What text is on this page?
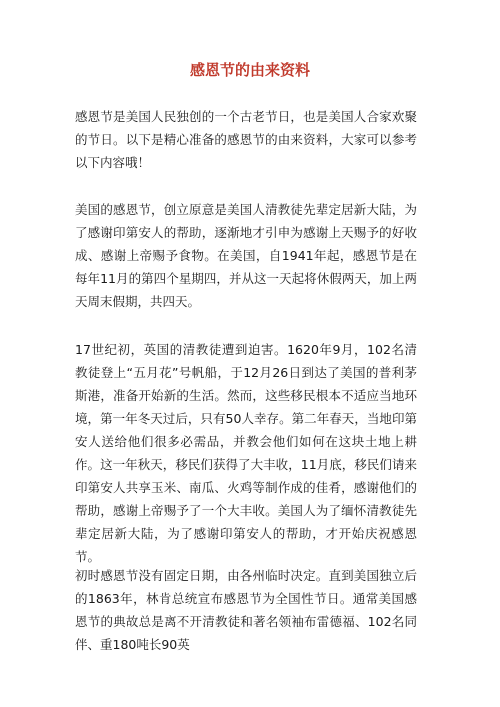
感恩节的由来资料
感恩节是美国人民独创的一个古老节日，也是美国人合家欢聚的节日。以下是精心准备的感恩节的由来资料，大家可以参考以下内容哦！
美国的感恩节，创立原意是美国人清教徒先辈定居新大陆，为了感谢印第安人的帮助，逐渐地才引申为感谢上天赐予的好收成、感谢上帝赐予食物。在美国，自1941年起，感恩节是在每年11月的第四个星期四，并从这一天起将休假两天，加上两天周末假期，共四天。
17世纪初，英国的清教徒遭到迫害。1620年9月，102名清教徒登上“五月花”号帆船，于12月26日到达了美国的普利茅斯港，准备开始新的生活。然而，这些移民根本不适应当地环境，第一年冬天过后，只有50人幸存。第二年春天，当地印第安人送给他们很多必需品，并教会他们如何在这块土地上耕作。这一年秋天，移民们获得了大丰收，11月底，移民们请来印第安人共享玉米、南瓜、火鸡等制作成的佳肴，感谢他们的帮助，感谢上帝赐予了一个大丰收。美国人为了缅怀清教徒先辈定居新大陆，为了感谢印第安人的帮助，才开始庆祝感恩节。
初时感恩节没有固定日期，由各州临时决定。直到美国独立后的1863年，林肯总统宣布感恩节为全国性节日。通常美国感恩节的典故总是离不开清教徒和著名领袖布雷德福、102名同伴、重180吨长90英
